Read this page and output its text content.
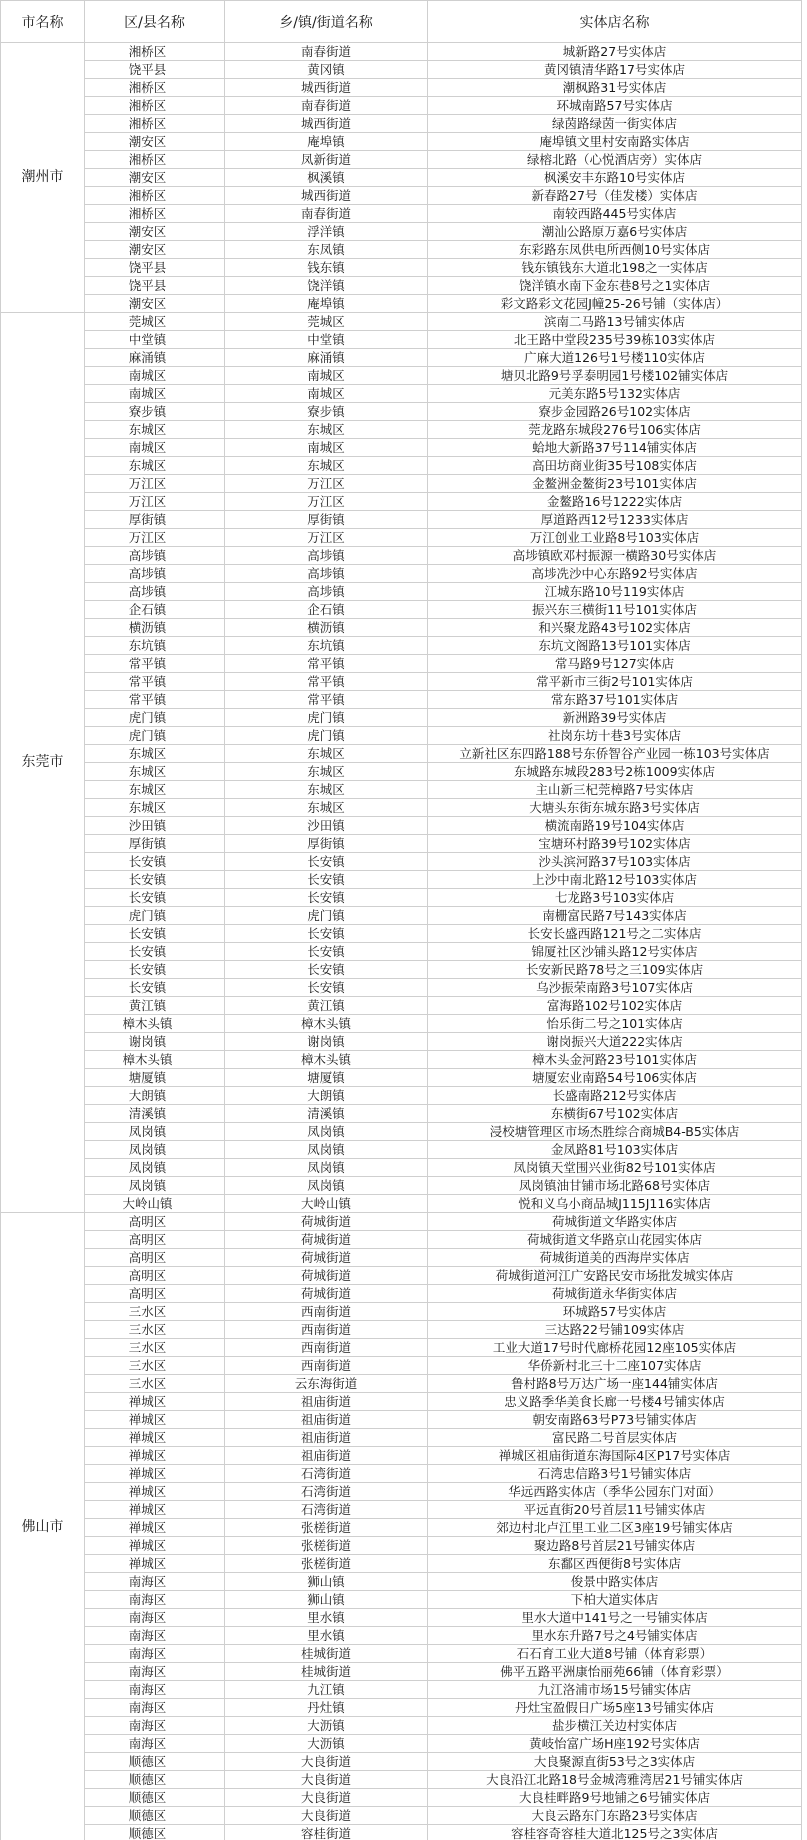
市名称	区/县名称	乡/镇/街道名称	实体店名称
潮州市	湘桥区	南春街道	城新路27号实体店
	饶平县	黄冈镇	黄冈镇清华路17号实体店
	湘桥区	城西街道	潮枫路31号实体店
	湘桥区	南春街道	环城南路57号实体店
	湘桥区	城西街道	绿茵路绿茵一街实体店
	潮安区	庵埠镇	庵埠镇文里村安南路实体店
	湘桥区	凤新街道	绿榕北路（心悦酒店旁）实体店
	潮安区	枫溪镇	枫溪安丰东路10号实体店
	湘桥区	城西街道	新春路27号（佳发楼）实体店
	湘桥区	南春街道	南较西路445号实体店
	潮安区	浮洋镇	潮汕公路原万嘉6号实体店
	潮安区	东凤镇	东彩路东凤供电所西侧10号实体店
	饶平县	钱东镇	钱东镇钱东大道北198之一实体店
	饶平县	饶洋镇	饶洋镇水南下金东巷8号之1实体店
	潮安区	庵埠镇	彩文路彩文花园J幢25-26号铺（实体店）
东莞市	莞城区	莞城区	滨南二马路13号铺实体店
	中堂镇	中堂镇	北王路中堂段235号39栋103实体店
	麻涌镇	麻涌镇	广麻大道126号1号楼110实体店
	南城区	南城区	塘贝北路9号孚泰明园1号楼102铺实体店
	南城区	南城区	元美东路5号132实体店
	寮步镇	寮步镇	寮步金园路26号102实体店
	东城区	东城区	莞龙路东城段276号106实体店
	南城区	南城区	蛤地大新路37号114铺实体店
	东城区	东城区	高田坊商业街35号108实体店
	万江区	万江区	金鳌洲金鳌街23号101实体店
	万江区	万江区	金鳌路16号1222实体店
	厚街镇	厚街镇	厚道路西12号1233实体店
	万江区	万江区	万江创业工业路8号103实体店
	高埗镇	高埗镇	高埗镇欧邓村振源一横路30号实体店
	高埗镇	高埗镇	高埗冼沙中心东路92号实体店
	高埗镇	高埗镇	江城东路10号119实体店
	企石镇	企石镇	振兴东三横街11号101实体店
	横沥镇	横沥镇	和兴聚龙路43号102实体店
	东坑镇	东坑镇	东坑文阁路13号101实体店
	常平镇	常平镇	常马路9号127实体店
	常平镇	常平镇	常平新市三街2号101实体店
	常平镇	常平镇	常东路37号101实体店
	虎门镇	虎门镇	新洲路39号实体店
	虎门镇	虎门镇	社岗东坊十巷3号实体店
	东城区	东城区	立新社区东四路188号东侨智谷产业园一栋103号实体店
	东城区	东城区	东城路东城段283号2栋1009实体店
	东城区	东城区	主山新三杞莞樟路7号实体店
	东城区	东城区	大塘头东街东城东路3号实体店
	沙田镇	沙田镇	横流南路19号104实体店
	厚街镇	厚街镇	宝塘环村路39号102实体店
	长安镇	长安镇	沙头滨河路37号103实体店
	长安镇	长安镇	上沙中南北路12号103实体店
	长安镇	长安镇	七龙路3号103实体店
	虎门镇	虎门镇	南栅富民路7号143实体店
	长安镇	长安镇	长安长盛西路121号之二实体店
	长安镇	长安镇	锦厦社区沙铺头路12号实体店
	长安镇	长安镇	长安新民路78号之三109实体店
	长安镇	长安镇	乌沙振荣南路3号107实体店
	黄江镇	黄江镇	富海路102号102实体店
	樟木头镇	樟木头镇	怡乐街二号之101实体店
	谢岗镇	谢岗镇	谢岗振兴大道222实体店
	樟木头镇	樟木头镇	樟木头金河路23号101实体店
	塘厦镇	塘厦镇	塘厦宏业南路54号106实体店
	大朗镇	大朗镇	长盛南路212号实体店
	清溪镇	清溪镇	东横街67号102实体店
	凤岗镇	凤岗镇	浸校塘管理区市场杰胜综合商城B4-B5实体店
	凤岗镇	凤岗镇	金凤路81号103实体店
	凤岗镇	凤岗镇	凤岗镇天堂围兴业街82号101实体店
	凤岗镇	凤岗镇	凤岗镇油甘铺市场北路68号实体店
	大岭山镇	大岭山镇	悦和义乌小商品城J115J116实体店
佛山市	高明区	荷城街道	荷城街道文华路实体店
	高明区	荷城街道	荷城街道文华路京山花园实体店
	高明区	荷城街道	荷城街道美的西海岸实体店
	高明区	荷城街道	荷城街道河江广安路民安市场批发城实体店
	高明区	荷城街道	荷城街道永华街实体店
	三水区	西南街道	环城路57号实体店
	三水区	西南街道	三达路22号铺109实体店
	三水区	西南街道	工业大道17号时代廊桥花园12座105实体店
	三水区	西南街道	华侨新村北三十二座107实体店
	三水区	云东海街道	鲁村路8号万达广场一座144铺实体店
	禅城区	祖庙街道	忠义路季华美食长廊一号楼4号铺实体店
	禅城区	祖庙街道	朝安南路63号P73号铺实体店
	禅城区	祖庙街道	富民路二号首层实体店
	禅城区	祖庙街道	禅城区祖庙街道东海国际4区P17号实体店
	禅城区	石湾街道	石湾忠信路3号1号铺实体店
	禅城区	石湾街道	华远西路实体店（季华公园东门对面）
	禅城区	石湾街道	平远直街20号首层11号铺实体店
	禅城区	张槎街道	郊边村北卢江里工业二区3座19号铺实体店
	禅城区	张槎街道	聚边路8号首层21号铺实体店
	禅城区	张槎街道	东鄱区西便街8号实体店
	南海区	狮山镇	俊景中路实体店
	南海区	狮山镇	下柏大道实体店
	南海区	里水镇	里水大道中141号之一号铺实体店
	南海区	里水镇	里水东升路7号之4号铺实体店
	南海区	桂城街道	石石育工业大道8号铺（体育彩票）
	南海区	桂城街道	佛平五路平洲康怡丽苑66铺（体育彩票）
	南海区	九江镇	九江洛浦市场15号铺实体店
	南海区	丹灶镇	丹灶宝盈假日广场5座13号铺实体店
	南海区	大沥镇	盐步横江关边村实体店
	南海区	大沥镇	黄岐怡富广场H座192号实体店
	顺德区	大良街道	大良聚源直街53号之3实体店
	顺德区	大良街道	大良沿江北路18号金城湾雅湾居21号铺实体店
	顺德区	大良街道	大良桂畔路9号地铺之6号铺实体店
	顺德区	大良街道	大良云路东门东路23号实体店
	顺德区	容桂街道	容桂容奇容桂大道北125号之3实体店
